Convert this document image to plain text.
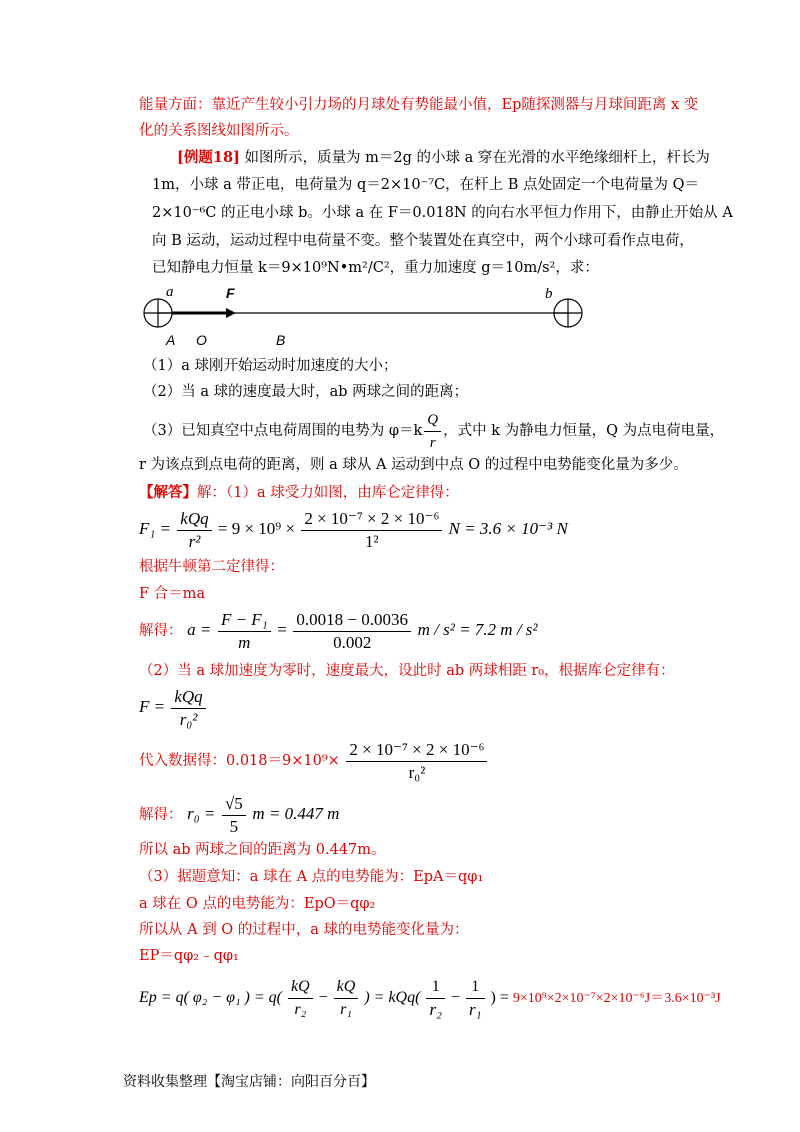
能量方面：靠近产生较小引力场的月球处有势能最小值，Ep随探测器与月球间距离 x 变
化的关系图线如图所示。
[例题18] 如图所示，质量为 m＝2g 的小球 a 穿在光滑的水平绝缘细杆上，杆长为
1m，小球 a 带正电，电荷量为 q＝2×10⁻⁷C，在杆上 B 点处固定一个电荷量为 Q＝
2×10⁻⁶C 的正电小球 b。小球 a 在 F＝0.018N 的向右水平恒力作用下，由静止开始从 A
向 B 运动，运动过程中电荷量不变。整个装置处在真空中，两个小球可看作点电荷，
已知静电力恒量 k＝9×10⁹N•m²/C²，重力加速度 g＝10m/s²，求：
a	F	b
A O	B
（1）a 球刚开始运动时加速度的大小；
（2）当 a 球的速度最大时，ab 两球之间的距离；
（3）已知真空中点电荷周围的电势为 $\varphi=k \frac{Q}{r}$ ，式中 k 为静电力恒量，Q 为点电荷电量，
r 为该点到点电荷的距离，则 a 球从 A 运动到中点 O 的过程中电势能变化量为多少。
【解答】解：（1）a 球受力如图，由库仑定律得：
$F_1 = \frac{\text{kQq}}{\text{r²}} = 9 \times 10^9 \times \frac{\text{2 × 10⁻⁷ × 2 × 10⁻⁶}}{\text{1²}}$ N = 3.6 × 10⁻³ N
根据牛顿第二定律得：
F 合＝ma
解得： $a = \frac{\text{F − F₁}}{m} = \frac{0.0018 - 0.0036}{0.002}$ m / s² = 7.2 m / s²
（2）当 a 球加速度为零时，速度最大，设此时 ab 两球相距 r₀，根据库仑定律有：
$F = \frac{\text{kQq}}{\text{r₀²}}$
代入数据得：$0.018=9\times 10^9\times \frac{\text{2 × 10⁻⁷ × 2 × 10⁻⁶}}{\text{r₀²}}$
解得： $r_0 = \frac{√5}{5}$ m = 0.447 m
所以 ab 两球之间的距离为 0.447m。
（3）据题意知：a 球在 A 点的电势能为：EpA＝qφ₁
a 球在 O 点的电势能为：EpO＝qφ₂
所以从 A 到 O 的过程中，a 球的电势能变化量为：
EP＝qφ₂﹣qφ₁
Ep = q( φ₂ − φ₁ ) = $q( \frac{kQ}{\text{r₂}} - \frac{kQ}{\text{r₁}}$ ) = $kQq( \frac{1}{\text{r₂}} - \frac{1}{\text{r₁}}$ ) = 9×10⁹×2×10⁻⁷×2×10⁻⁶J＝3.6×10⁻³J
资料收集整理【淘宝店铺：向阳百分百】
